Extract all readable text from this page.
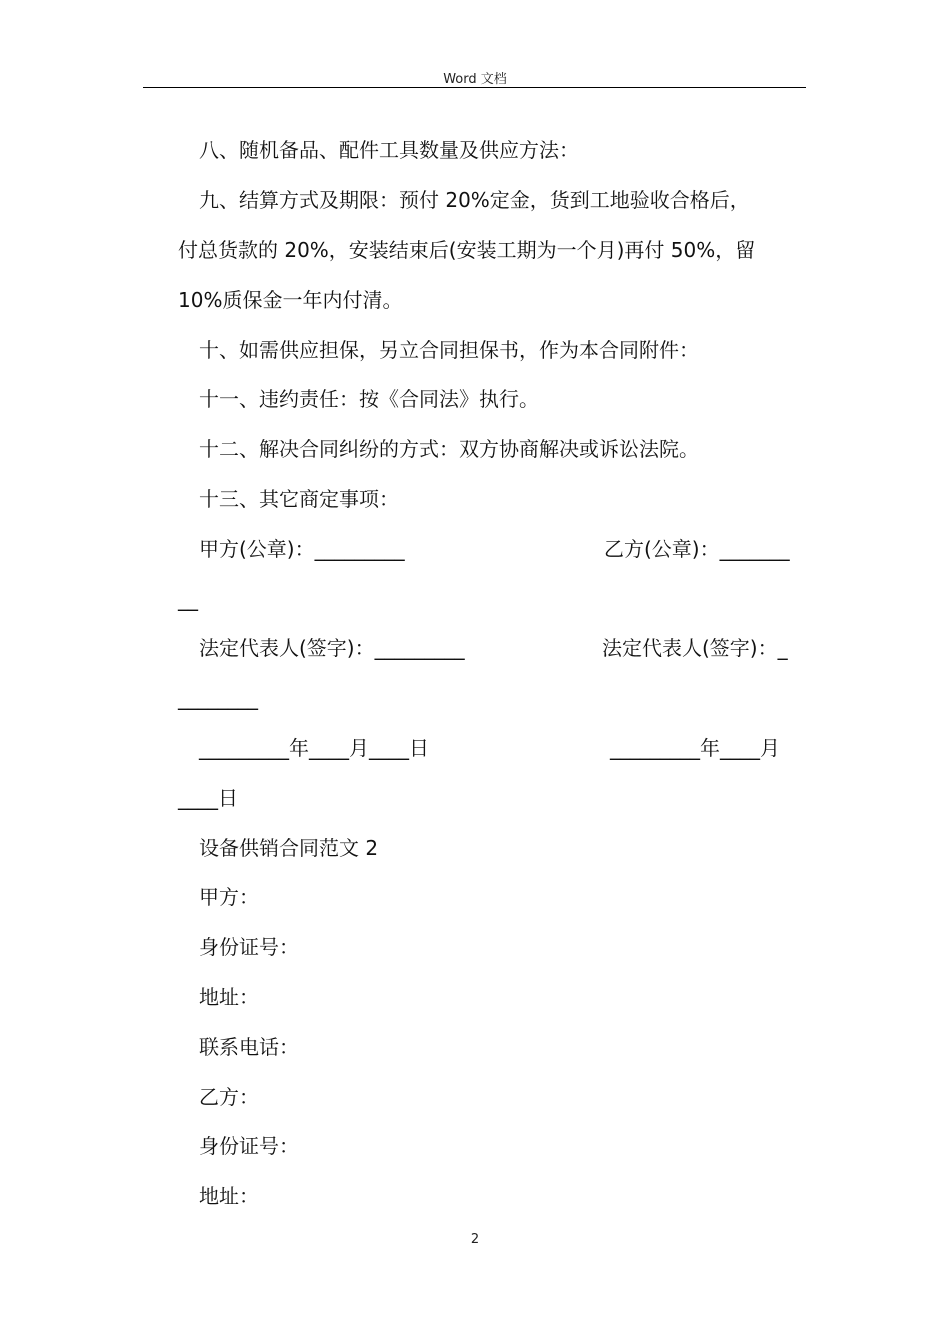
Word 文档
八、随机备品、配件工具数量及供应方法：
九、结算方式及期限：预付 20%定金，货到工地验收合格后，
付总货款的 20%，安装结束后(安装工期为一个月)再付 50%，留
10%质保金一年内付清。
十、如需供应担保，另立合同担保书，作为本合同附件：
十一、违约责任：按《合同法》执行。
十二、解决合同纠纷的方式：双方协商解决或诉讼法院。
十三、其它商定事项：
甲方(公章)：_________	乙方(公章)：_______
__
法定代表人(签字)：_________	法定代表人(签字)：_
________
_________年____月____日	_________年____月
____日
设备供销合同范文 2
甲方：
身份证号：
地址：
联系电话：
乙方：
身份证号：
地址：
2
